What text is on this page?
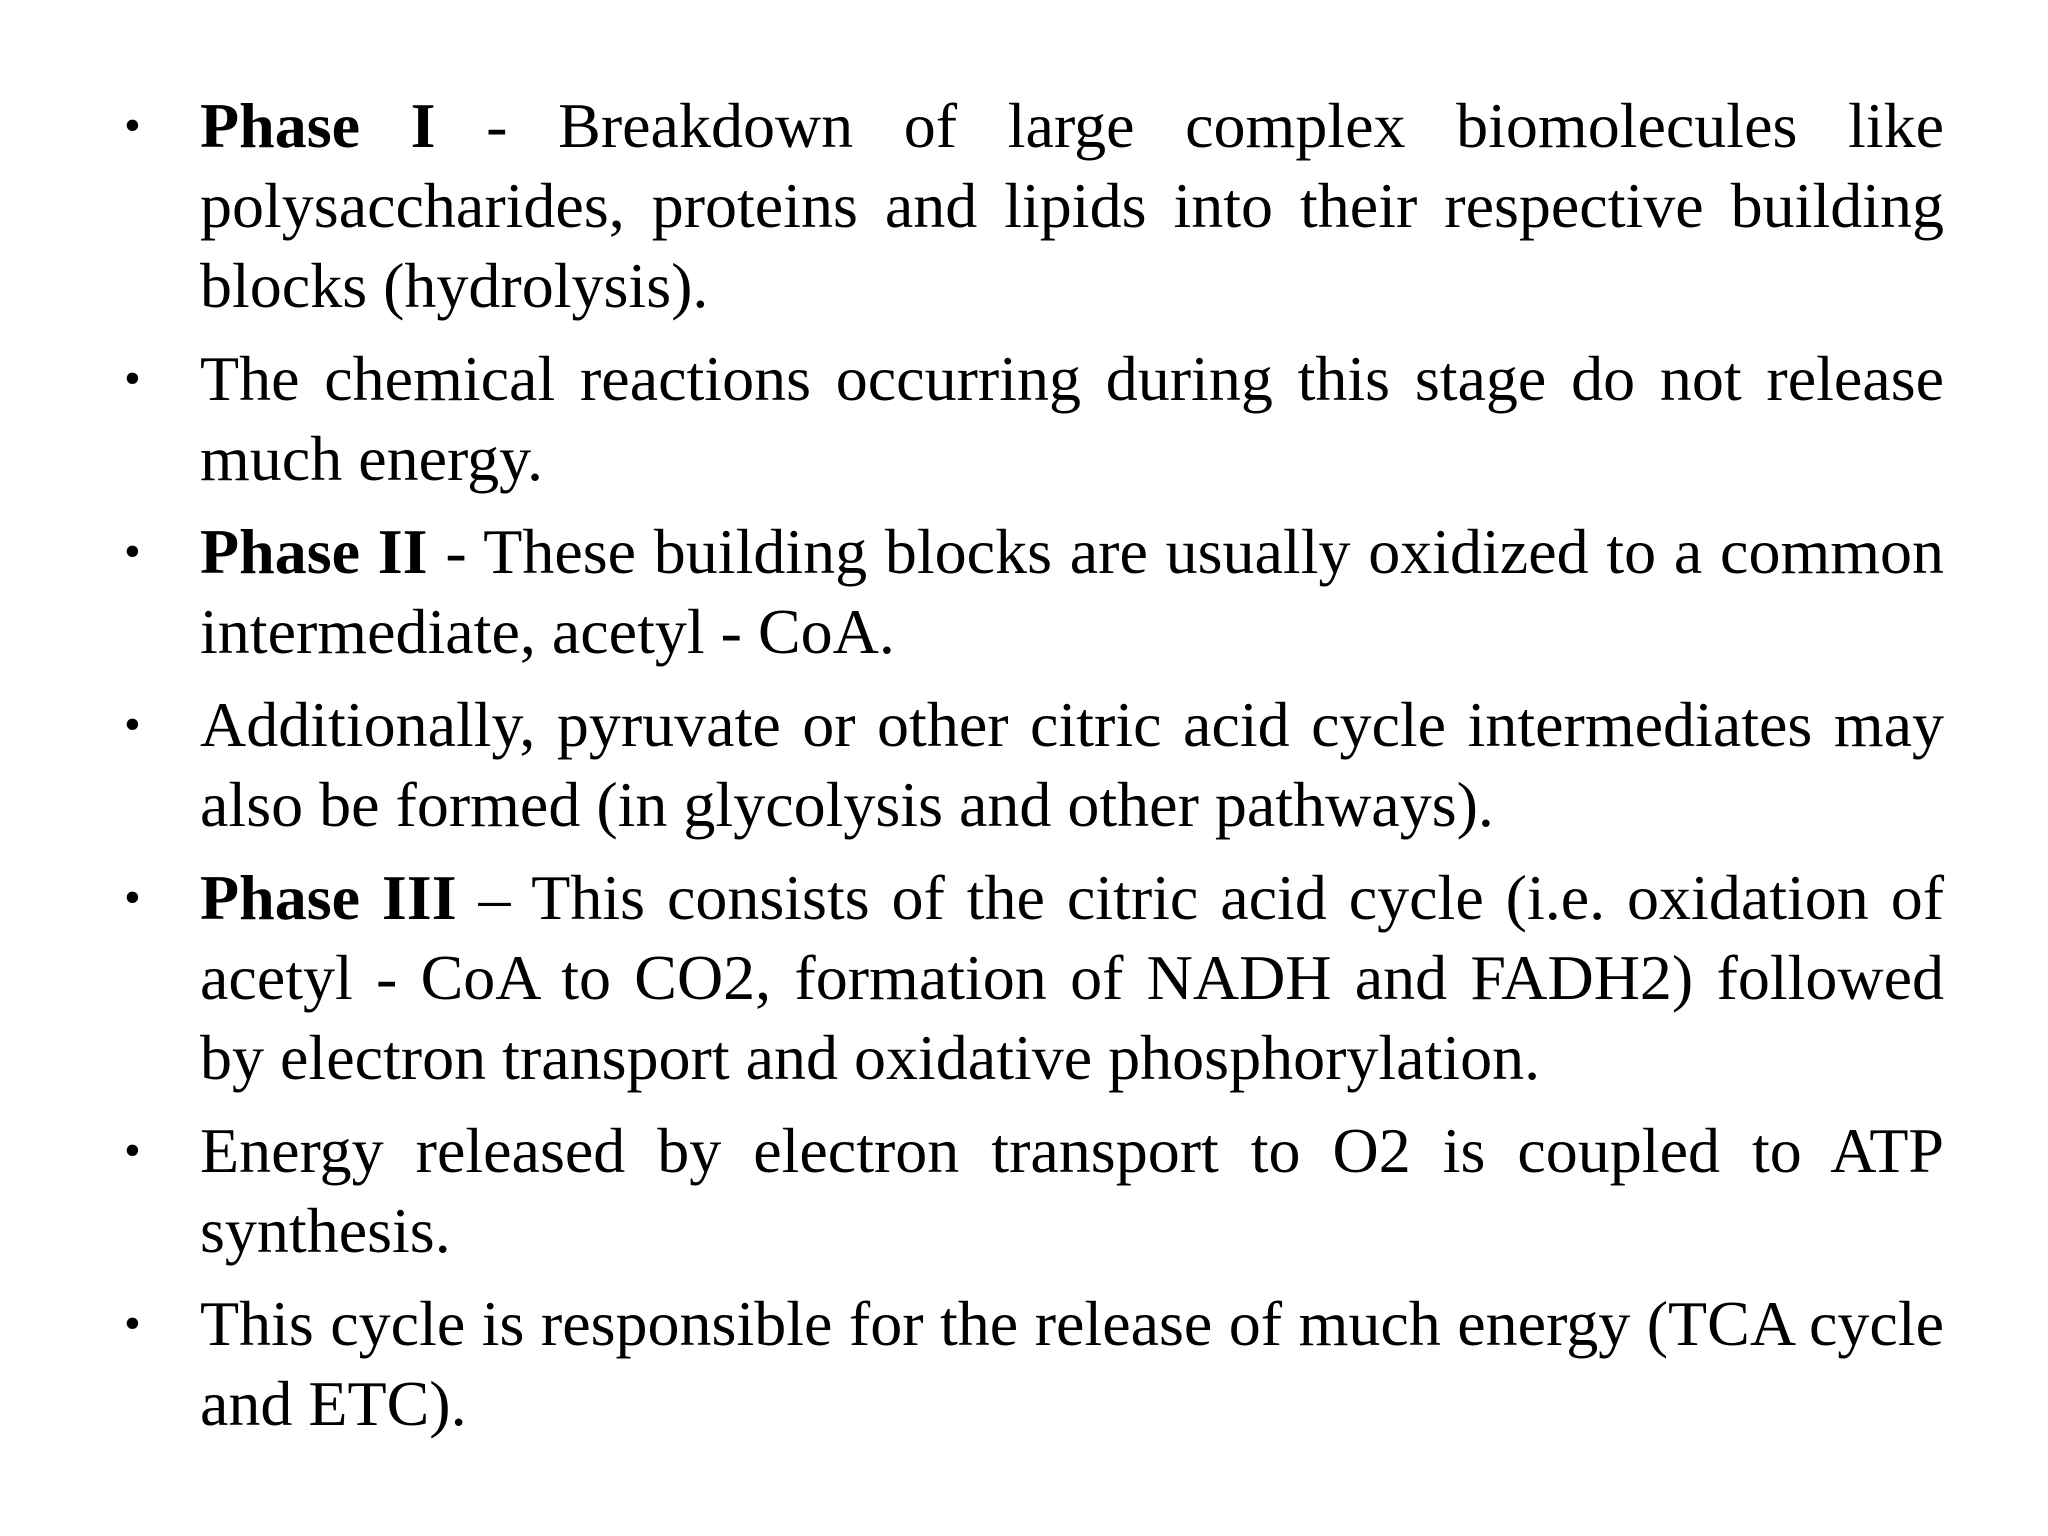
• Phase I - Breakdown of large complex biomolecules like polysaccharides, proteins and lipids into their respective building blocks (hydrolysis).
• The chemical reactions occurring during this stage do not release much energy.
• Phase II - These building blocks are usually oxidized to a common intermediate, acetyl - CoA.
• Additionally, pyruvate or other citric acid cycle intermediates may also be formed (in glycolysis and other pathways).
• Phase III – This consists of the citric acid cycle (i.e. oxidation of acetyl - CoA to CO2, formation of NADH and FADH2) followed by electron transport and oxidative phosphorylation.
• Energy released by electron transport to O2 is coupled to ATP synthesis.
• This cycle is responsible for the release of much energy (TCA cycle and ETC).
